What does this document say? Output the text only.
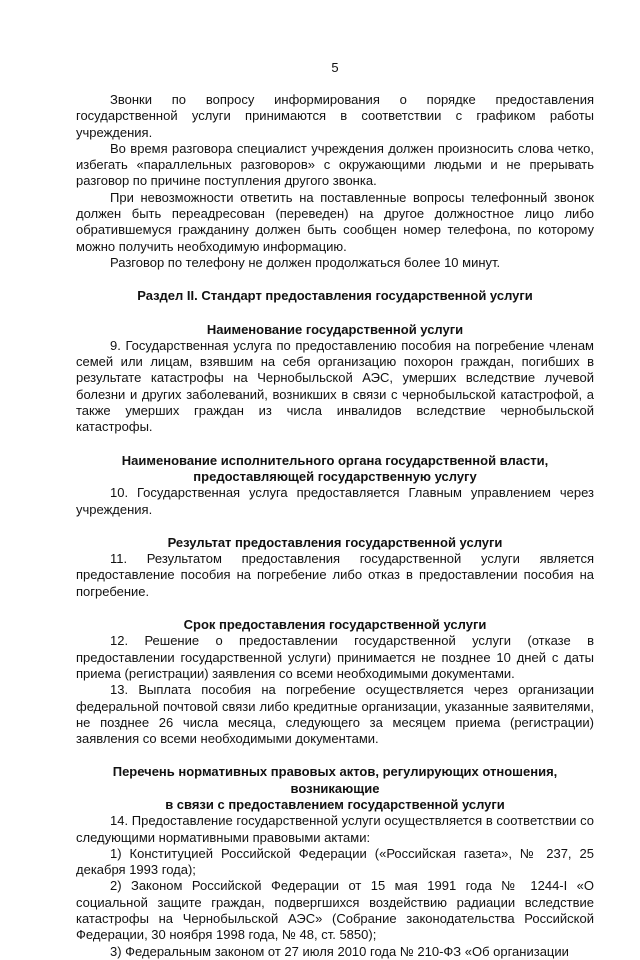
5

Звонки по вопросу информирования о порядке предоставления государственной услуги принимаются в соответствии с графиком работы учреждения.

Во время разговора специалист учреждения должен произносить слова четко, избегать «параллельных разговоров» с окружающими людьми и не прерывать разговор по причине поступления другого звонка.

При невозможности ответить на поставленные вопросы телефонный звонок должен быть переадресован (переведен) на другое должностное лицо либо обратившемуся гражданину должен быть сообщен номер телефона, по которому можно получить необходимую информацию.

Разговор по телефону не должен продолжаться более 10 минут.

Раздел II. Стандарт предоставления государственной услуги
Наименование государственной услуги

9. Государственная услуга по предоставлению пособия на погребение членам семей или лицам, взявшим на себя организацию похорон граждан, погибших в результате катастрофы на Чернобыльской АЭС, умерших вследствие лучевой болезни и других заболеваний, возникших в связи с чернобыльской катастрофой, а также умерших граждан из числа инвалидов вследствие чернобыльской катастрофы.

Наименование исполнительного органа государственной власти,
предоставляющей государственную услугу

10. Государственная услуга предоставляется Главным управлением через учреждения.

Результат предоставления государственной услуги

11. Результатом предоставления государственной услуги является предоставление пособия на погребение либо отказ в предоставлении пособия на погребение.

Срок предоставления государственной услуги

12. Решение о предоставлении государственной услуги (отказе в предоставлении государственной услуги) принимается не позднее 10 дней с даты приема (регистрации) заявления со всеми необходимыми документами.

13. Выплата пособия на погребение осуществляется через организации федеральной почтовой связи либо кредитные организации, указанные заявителями, не позднее 26 числа месяца, следующего за месяцем приема (регистрации) заявления со всеми необходимыми документами.

Перечень нормативных правовых актов, регулирующих отношения, возникающие
в связи с предоставлением государственной услуги

14. Предоставление государственной услуги осуществляется в соответствии со следующими нормативными правовыми актами:

1) Конституцией Российской Федерации («Российская газета», № 237, 25 декабря 1993 года);

2) Законом Российской Федерации от 15 мая 1991 года № 1244-I «О социальной защите граждан, подвергшихся воздействию радиации вследствие катастрофы на Чернобыльской АЭС» (Собрание законодательства Российской Федерации, 30 ноября 1998 года, № 48, ст. 5850);

3) Федеральным законом от 27 июля 2010 года № 210-ФЗ «Об организации
